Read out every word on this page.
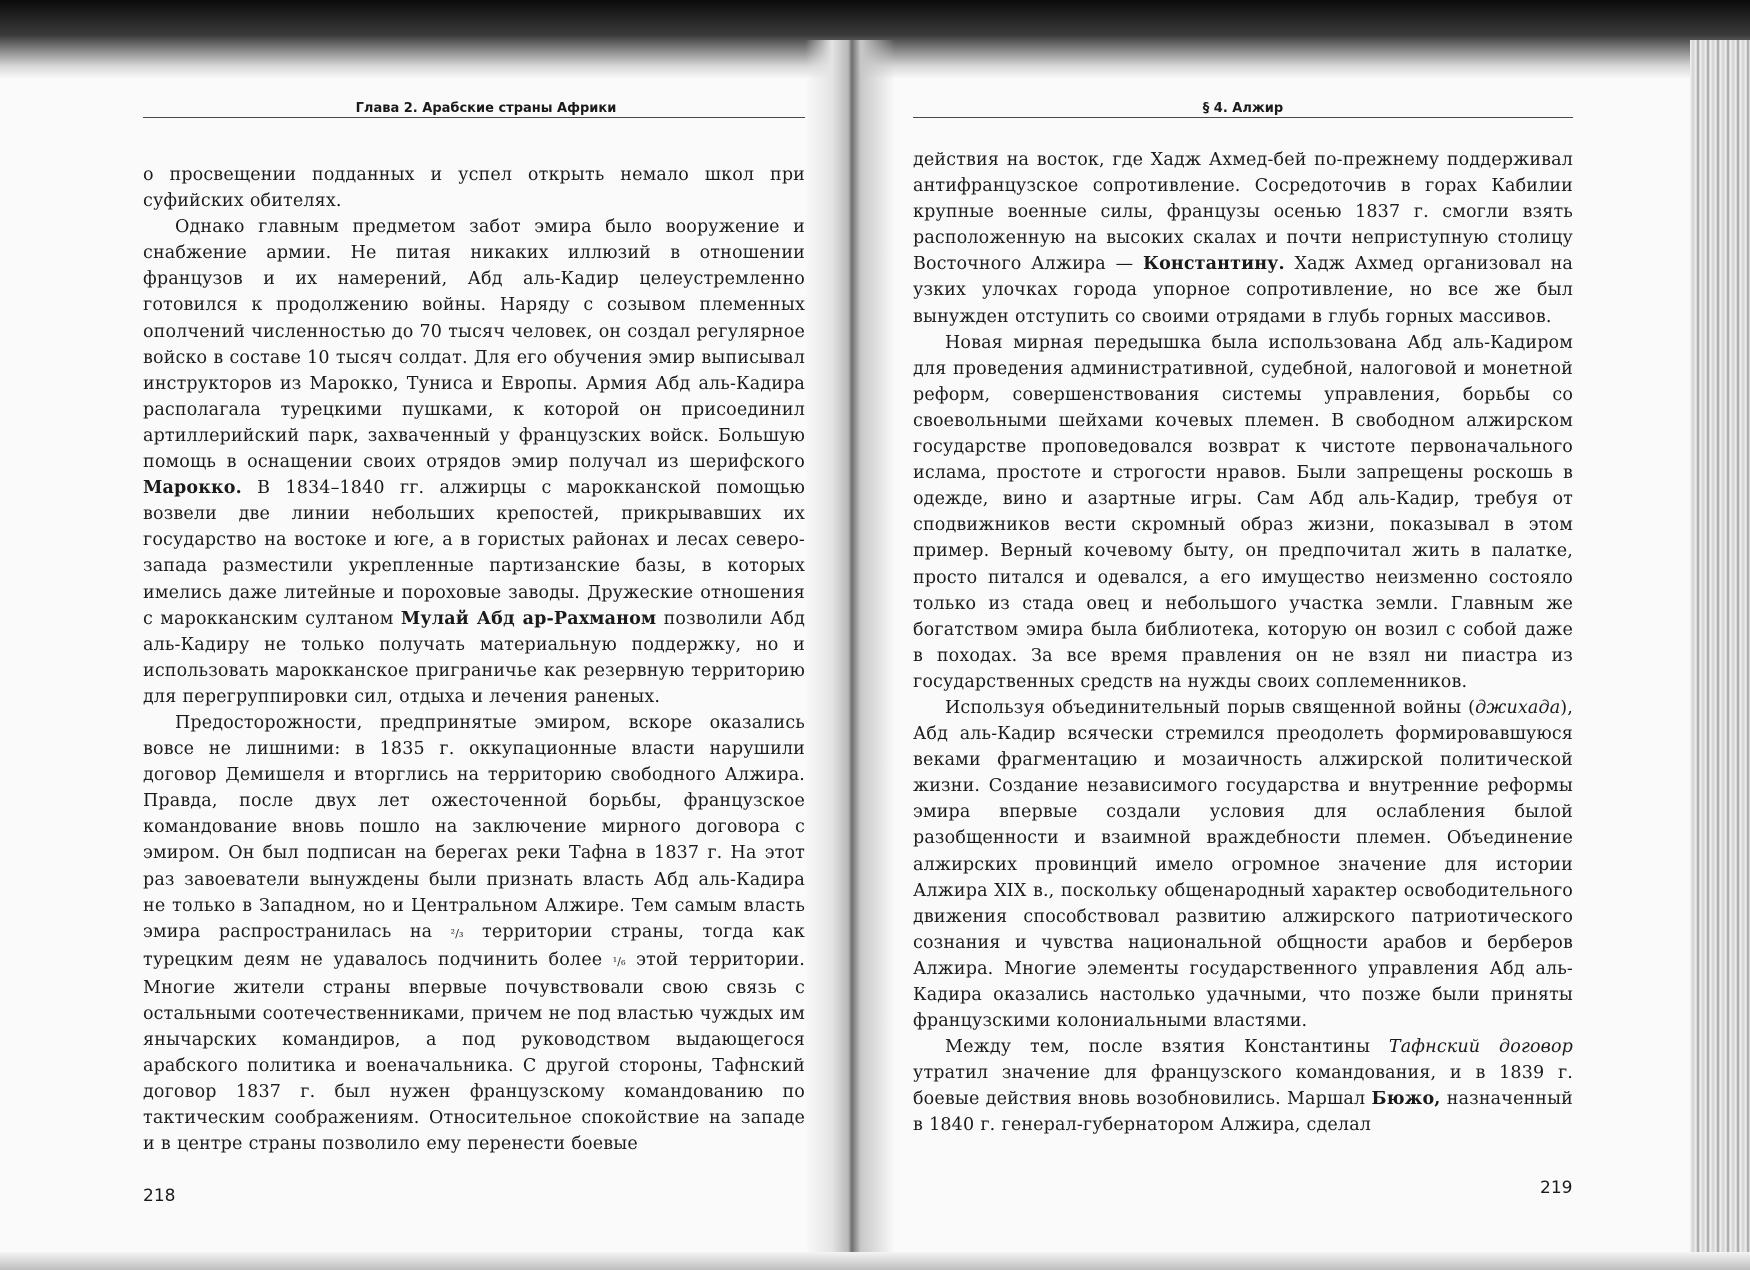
Глава 2. Арабские страны Африки

о просвещении подданных и успел открыть немало школ при суфийских обителях.

Однако главным предметом забот эмира было вооружение и снабжение армии. Не питая никаких иллюзий в отношении французов и их намерений, Абд аль-Кадир целеустремленно готовился к продолжению войны. Наряду с созывом племенных ополчений численностью до 70 тысяч человек, он создал регулярное войско в составе 10 тысяч солдат. Для его обучения эмир выписывал инструкторов из Марокко, Туниса и Европы. Армия Абд аль-Кадира располагала турецкими пушками, к которой он присоединил артиллерийский парк, захваченный у французских войск. Большую помощь в оснащении своих отрядов эмир получал из шерифского Марокко. В 1834–1840 гг. алжирцы с марокканской помощью возвели две линии небольших крепостей, прикрывавших их государство на востоке и юге, а в гористых районах и лесах северо-запада разместили укрепленные партизанские базы, в которых имелись даже литейные и пороховые заводы. Дружеские отношения с марокканским султаном Мулай Абд ар-Рахманом позволили Абд аль-Кадиру не только получать материальную поддержку, но и использовать марокканское приграничье как резервную территорию для перегруппировки сил, отдыха и лечения раненых.

Предосторожности, предпринятые эмиром, вскоре оказались вовсе не лишними: в 1835 г. оккупационные власти нарушили договор Демишеля и вторглись на территорию свободного Алжира. Правда, после двух лет ожесточенной борьбы, французское командование вновь пошло на заключение мирного договора с эмиром. Он был подписан на берегах реки Тафна в 1837 г. На этот раз завоеватели вынуждены были признать власть Абд аль-Кадира не только в Западном, но и Центральном Алжире. Тем самым власть эмира распространилась на ²/₃ территории страны, тогда как турецким деям не удавалось подчинить более ¹/₆ этой территории. Многие жители страны впервые почувствовали свою связь с остальными соотечественниками, причем не под властью чуждых им янычарских командиров, а под руководством выдающегося арабского политика и военачальника. С другой стороны, Тафнский договор 1837 г. был нужен французскому командованию по тактическим соображениям. Относительное спокойствие на западе и в центре страны позволило ему перенести боевые

§ 4. Алжир

действия на восток, где Хадж Ахмед-бей по-прежнему поддерживал антифранцузское сопротивление. Сосредоточив в горах Кабилии крупные военные силы, французы осенью 1837 г. смогли взять расположенную на высоких скалах и почти неприступную столицу Восточного Алжира — Константину. Хадж Ахмед организовал на узких улочках города упорное сопротивление, но все же был вынужден отступить со своими отрядами в глубь горных массивов.

Новая мирная передышка была использована Абд аль-Кадиром для проведения административной, судебной, налоговой и монетной реформ, совершенствования системы управления, борьбы со своевольными шейхами кочевых племен. В свободном алжирском государстве проповедовался возврат к чистоте первоначального ислама, простоте и строгости нравов. Были запрещены роскошь в одежде, вино и азартные игры. Сам Абд аль-Кадир, требуя от сподвижников вести скромный образ жизни, показывал в этом пример. Верный кочевому быту, он предпочитал жить в палатке, просто питался и одевался, а его имущество неизменно состояло только из стада овец и небольшого участка земли. Главным же богатством эмира была библиотека, которую он возил с собой даже в походах. За все время правления он не взял ни пиастра из государственных средств на нужды своих соплеменников.

Используя объединительный порыв священной войны (джихада), Абд аль-Кадир всячески стремился преодолеть формировавшуюся веками фрагментацию и мозаичность алжирской политической жизни. Создание независимого государства и внутренние реформы эмира впервые создали условия для ослабления былой разобщенности и взаимной враждебности племен. Объединение алжирских провинций имело огромное значение для истории Алжира XIX в., поскольку общенародный характер освободительного движения способствовал развитию алжирского патриотического сознания и чувства национальной общности арабов и берберов Алжира. Многие элементы государственного управления Абд аль-Кадира оказались настолько удачными, что позже были приняты французскими колониальными властями.

Между тем, после взятия Константины Тафнский договор утратил значение для французского командования, и в 1839 г. боевые действия вновь возобновились. Маршал Бюжо, назначенный в 1840 г. генерал-губернатором Алжира, сделал

218	219
